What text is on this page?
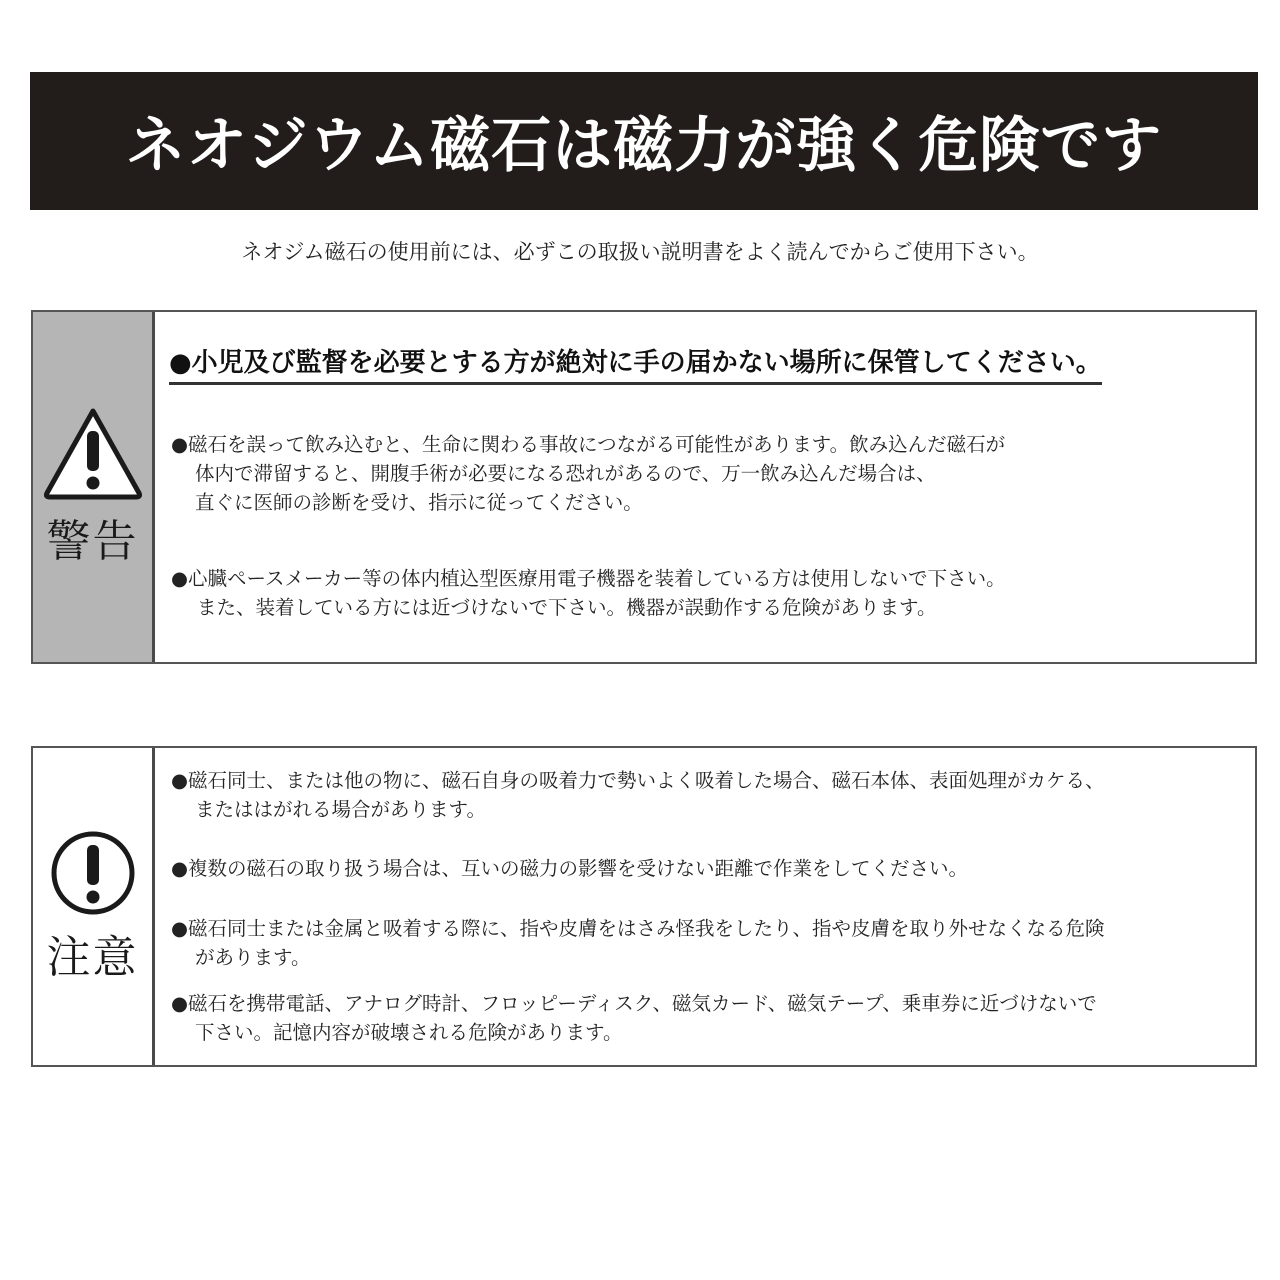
ネオジウム磁石は磁力が強く危険です
ネオジム磁石の使用前には、必ずこの取扱い説明書をよく読んでからご使用下さい。
警告
●小児及び監督を必要とする方が絶対に手の届かない場所に保管してください。

●磁石を誤って飲み込むと、生命に関わる事故につながる可能性があります。飲み込んだ磁石が

体内で滞留すると、開腹手術が必要になる恐れがあるので、万一飲み込んだ場合は、

直ぐに医師の診断を受け、指示に従ってください。

●心臓ペースメーカー等の体内植込型医療用電子機器を装着している方は使用しないで下さい。

また、装着している方には近づけないで下さい。機器が誤動作する危険があります。

注意

●磁石同士、または他の物に、磁石自身の吸着力で勢いよく吸着した場合、磁石本体、表面処理がカケる、

またははがれる場合があります。

●複数の磁石の取り扱う場合は、互いの磁力の影響を受けない距離で作業をしてください。

●磁石同士または金属と吸着する際に、指や皮膚をはさみ怪我をしたり、指や皮膚を取り外せなくなる危険

があります。

●磁石を携帯電話、アナログ時計、フロッピーディスク、磁気カード、磁気テープ、乗車券に近づけないで

下さい。記憶内容が破壊される危険があります。
